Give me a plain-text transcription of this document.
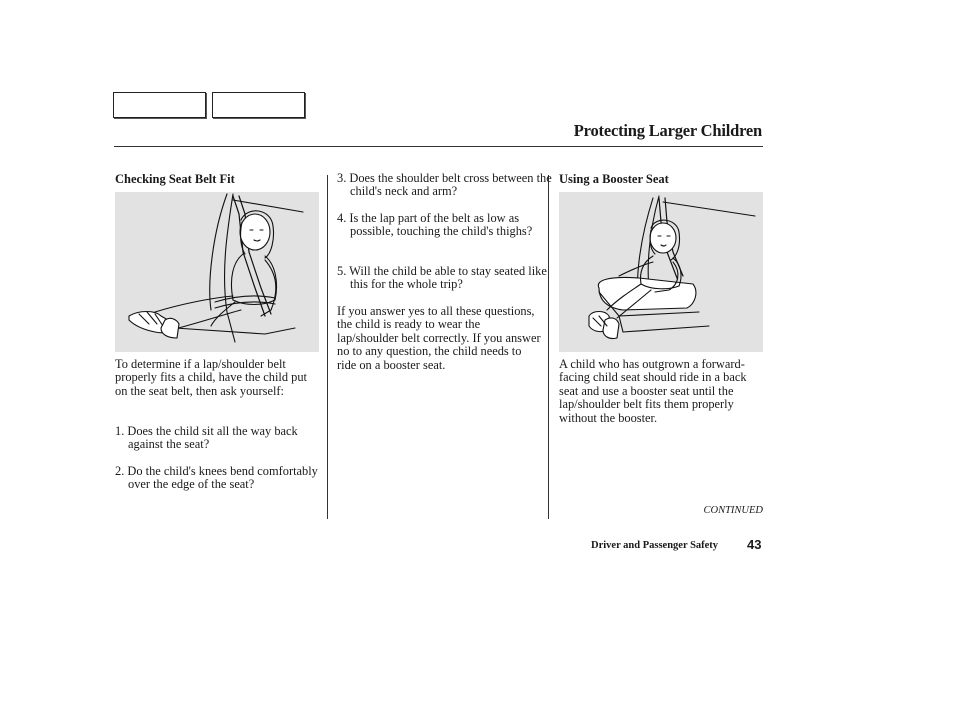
Protecting Larger Children
Checking Seat Belt Fit
To determine if a lap/shoulder belt properly fits a child, have the child put on the seat belt, then ask yourself:
1. Does the child sit all the way back against the seat?
2. Do the child's knees bend comfortably over the edge of the seat?
3. Does the shoulder belt cross between the child's neck and arm?
4. Is the lap part of the belt as low as possible, touching the child's thighs?
5. Will the child be able to stay seated like this for the whole trip?
If you answer yes to all these questions, the child is ready to wear the lap/shoulder belt correctly. If you answer no to any question, the child needs to ride on a booster seat.
Using a Booster Seat
A child who has outgrown a forward-facing child seat should ride in a back seat and use a booster seat until the lap/shoulder belt fits them properly without the booster.
CONTINUED
Driver and Passenger Safety 43
